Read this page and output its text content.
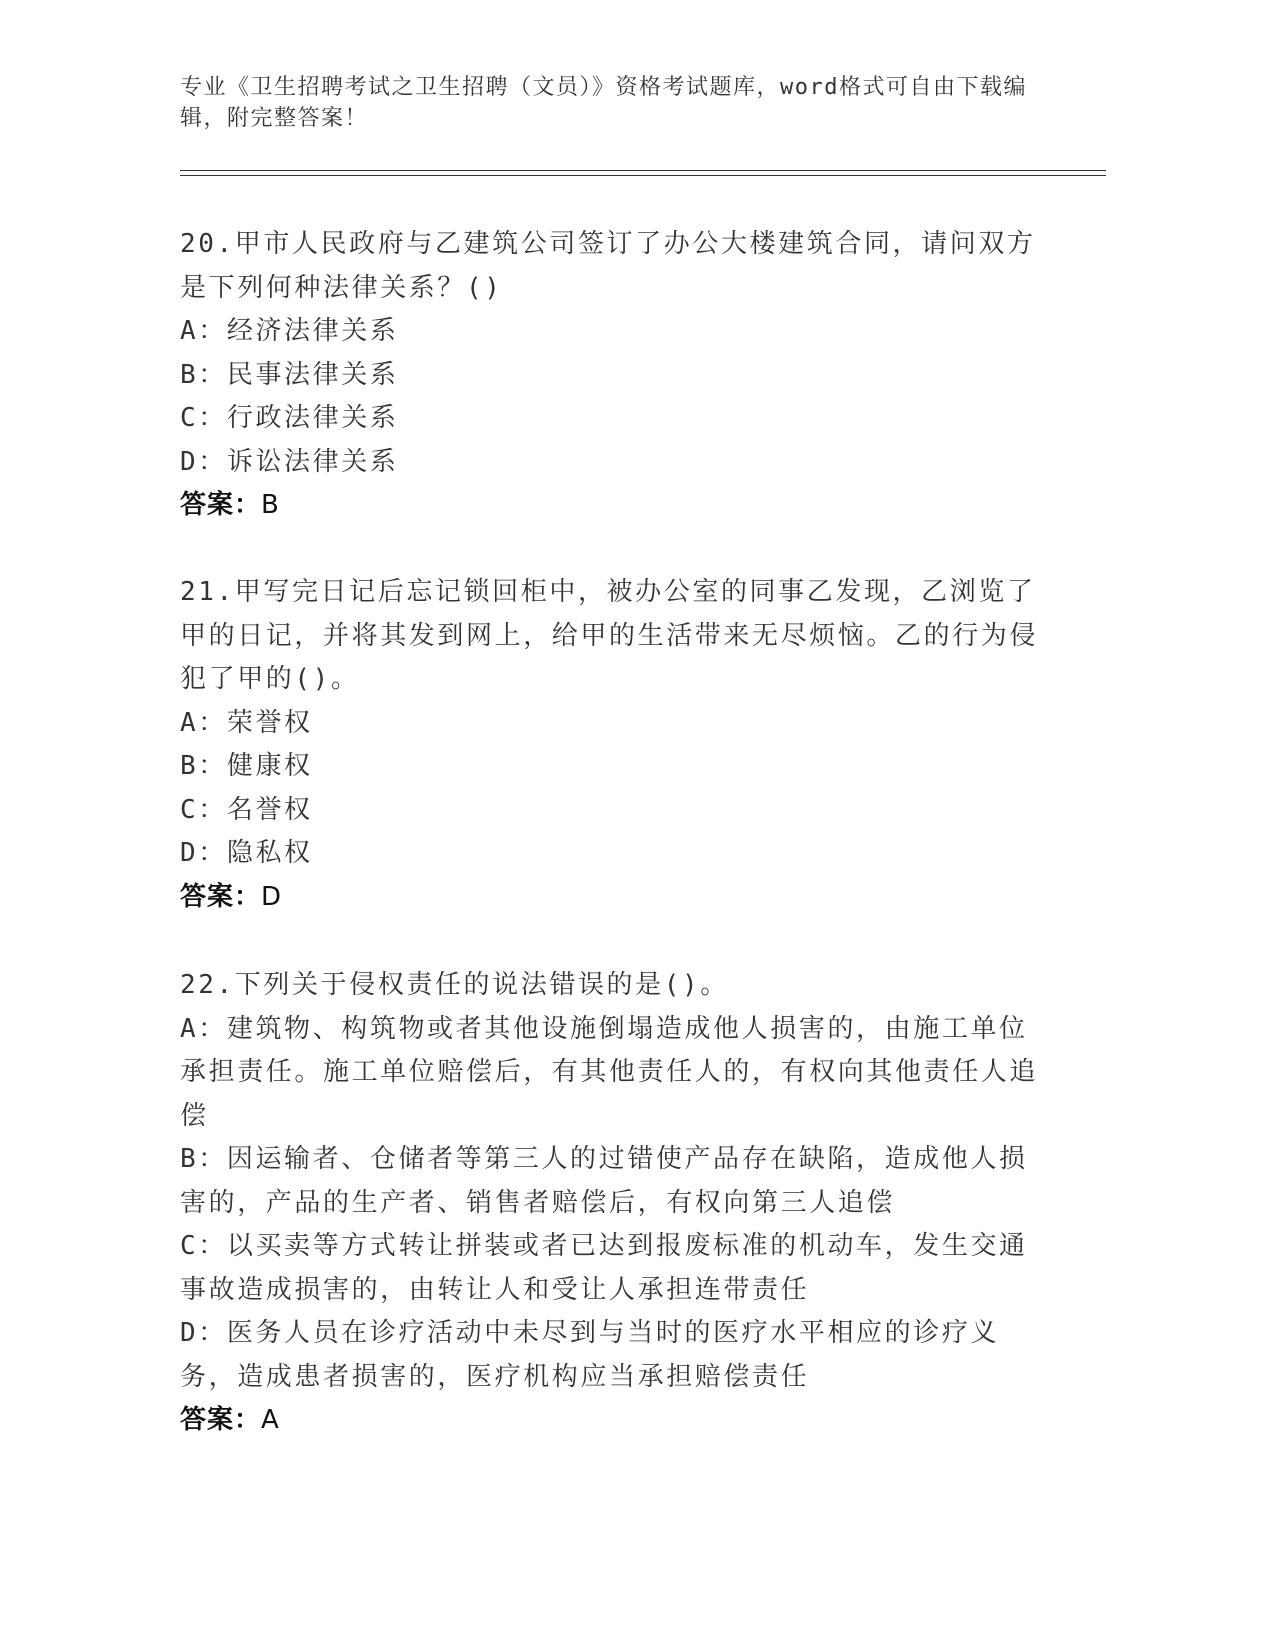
专业《卫生招聘考试之卫生招聘（文员）》资格考试题库，word格式可自由下载编辑，附完整答案！

20.甲市人民政府与乙建筑公司签订了办公大楼建筑合同，请问双方是下列何种法律关系？()

A：经济法律关系

B：民事法律关系

C：行政法律关系

D：诉讼法律关系

答案：B

21.甲写完日记后忘记锁回柜中，被办公室的同事乙发现，乙浏览了甲的日记，并将其发到网上，给甲的生活带来无尽烦恼。乙的行为侵犯了甲的()。

A：荣誉权

B：健康权

C：名誉权

D：隐私权

答案：D

22.下列关于侵权责任的说法错误的是()。

A：建筑物、构筑物或者其他设施倒塌造成他人损害的，由施工单位承担责任。施工单位赔偿后，有其他责任人的，有权向其他责任人追偿

B：因运输者、仓储者等第三人的过错使产品存在缺陷，造成他人损害的，产品的生产者、销售者赔偿后，有权向第三人追偿

C：以买卖等方式转让拼装或者已达到报废标准的机动车，发生交通事故造成损害的，由转让人和受让人承担连带责任

D：医务人员在诊疗活动中未尽到与当时的医疗水平相应的诊疗义务，造成患者损害的，医疗机构应当承担赔偿责任

答案：A
